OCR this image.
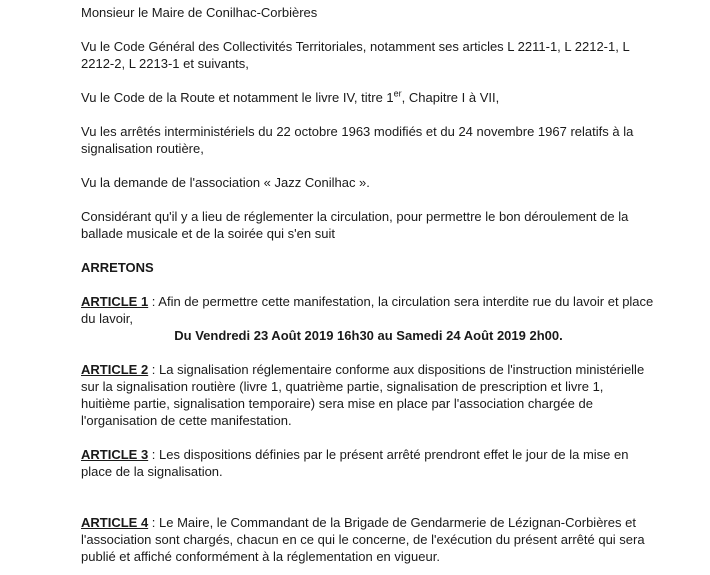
Monsieur le Maire de Conilhac-Corbières

Vu le Code Général des Collectivités Territoriales, notamment ses articles L 2211-1, L 2212-1, L 2212-2, L 2213-1 et suivants,

Vu le Code de la Route et notamment le livre IV, titre 1er, Chapitre I à VII,

Vu les arrêtés interministériels du 22 octobre 1963 modifiés et du 24 novembre 1967 relatifs à la signalisation routière,

Vu la demande de l'association « Jazz Conilhac ».

Considérant qu'il y a lieu de réglementer la circulation, pour permettre le bon déroulement de la ballade musicale et de la soirée qui s'en suit

ARRETONS

ARTICLE 1 : Afin de permettre cette manifestation, la circulation sera interdite rue du lavoir et place du lavoir,
Du Vendredi 23 Août 2019 16h30 au Samedi 24 Août 2019 2h00.

ARTICLE 2 : La signalisation réglementaire conforme aux dispositions de l'instruction ministérielle sur la signalisation routière (livre 1, quatrième partie, signalisation de prescription et livre 1, huitième partie, signalisation temporaire) sera mise en place par l'association chargée de l'organisation de cette manifestation.

ARTICLE 3 : Les dispositions définies par le présent arrêté prendront effet le jour de la mise en place de la signalisation.

ARTICLE 4 : Le Maire, le Commandant de la Brigade de Gendarmerie de Lézignan-Corbières et l'association sont chargés, chacun en ce qui le concerne, de l'exécution du présent arrêté qui sera publié et affiché conformément à la réglementation en vigueur.
